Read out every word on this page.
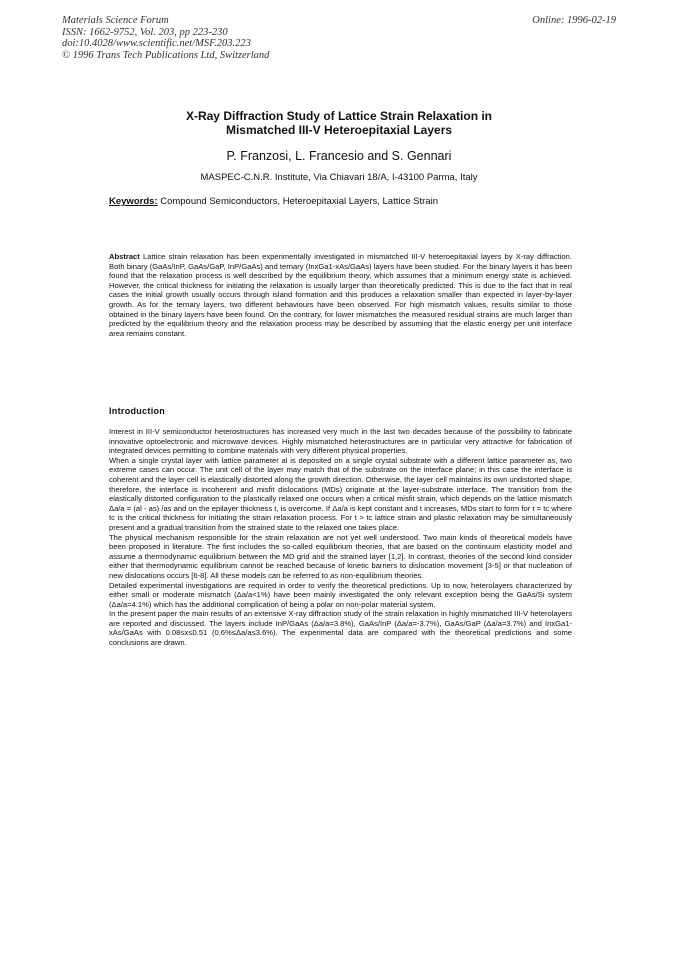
Materials Science Forum
ISSN: 1662-9752, Vol. 203, pp 223-230
doi:10.4028/www.scientific.net/MSF.203.223
© 1996 Trans Tech Publications Ltd, Switzerland
Online: 1996-02-19
X-Ray Diffraction Study of Lattice Strain Relaxation in
Mismatched III-V Heteroepitaxial Layers
P. Franzosi, L. Francesio and S. Gennari
MASPEC-C.N.R. Institute, Via Chiavari 18/A, I-43100 Parma, Italy
Keywords: Compound Semiconductors, Heteroepitaxial Layers, Lattice Strain
Abstract Lattice strain relaxation has been experimentally investigated in mismatched III-V heteroepitaxial layers by X-ray diffraction. Both binary (GaAs/InP, GaAs/GaP, InP/GaAs) and ternary (InxGa1-xAs/GaAs) layers have been studied. For the binary layers it has been found that the relaxation process is well described by the equilibrium theory, which assumes that a minimum energy state is achieved. However, the critical thickness for initiating the relaxation is usually larger than theoretically predicted. This is due to the fact that in real cases the initial growth usually occurs through island formation and this produces a relaxation smaller than expected in layer-by-layer growth. As for the ternary layers, two different behaviours have been observed. For high mismatch values, results similar to those obtained in the binary layers have been found. On the contrary, for lower mismatches the measured residual strains are much larger than predicted by the equilibrium theory and the relaxation process may be described by assuming that the elastic energy per unit interface area remains constant.
Introduction

Interest in III-V semiconductor heterostructures has increased very much in the last two decades because of the possibility to fabricate innovative optoelectronic and microwave devices. Highly mismatched heterostructures are in particular very attractive for fabrication of integrated devices permitting to combine materials with very different physical properties.

When a single crystal layer with lattice parameter al is deposited on a single crystal substrate with a different lattice parameter as, two extreme cases can occur. The unit cell of the layer may match that of the substrate on the interface plane; in this case the interface is coherent and the layer cell is elastically distorted along the growth direction. Otherwise, the layer cell maintains its own undistorted shape; therefore, the interface is incoherent and misfit dislocations (MDs) originate at the layer-substrate interface. The transition from the elastically distorted configuration to the plastically relaxed one occurs when a critical misfit strain, which depends on the lattice mismatch Δa/a = (al - as) /as and on the epilayer thickness t, is overcome. If Δa/a is kept constant and t increases, MDs start to form for t = tc where tc is the critical thickness for initiating the strain relaxation process. For t > tc lattice strain and plastic relaxation may be simultaneously present and a gradual transition from the strained state to the relaxed one takes place.

The physical mechanism responsible for the strain relaxation are not yet well understood. Two main kinds of theoretical models have been proposed in literature. The first includes the so-called equilibrium theories, that are based on the continuum elasticity model and assume a thermodynamic equilibrium between the MD grid and the strained layer [1,2]. In contrast, theories of the second kind consider either that thermodynamic equilibrium cannot be reached because of kinetic barriers to dislocation movement [3-5] or that nucleation of new dislocations occurs [6-8]. All these models can be referred to as non-equilibrium theories.

Detailed experimental investigations are required in order to verify the theoretical predictions. Up to now, heterolayers characterized by either small or moderate mismatch (Δa/a<1%) have been mainly investigated the only relevant exception being the GaAs/Si system (Δa/a=4.1%) which has the additional complication of being a polar on non-polar material system.

In the present paper the main results of an extensive X-ray diffraction study of the strain relaxation in highly mismatched III-V heterolayers are reported and discussed. The layers include InP/GaAs (Δa/a=3.8%), GaAs/InP (Δa/a=-3.7%), GaAs/GaP (Δa/a=3.7%) and InxGa1-xAs/GaAs with 0.08≤x≤0.51 (0.6%≤Δa/a≤3.6%). The experimental data are compared with the theoretical predictions and some conclusions are drawn.
